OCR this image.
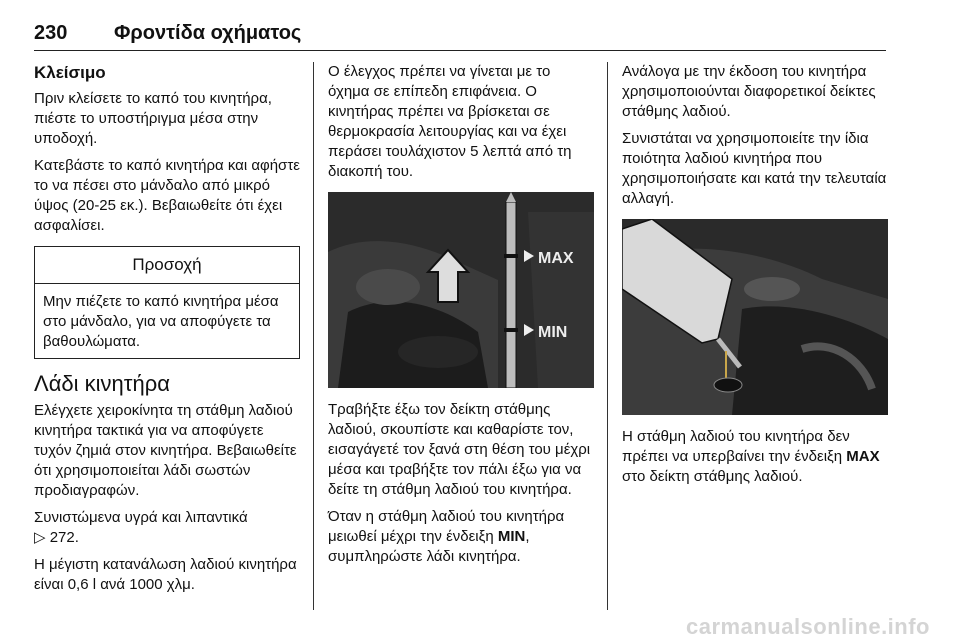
230 Φροντίδα οχήματος
Κλείσιμο

Πριν κλείσετε το καπό του κινητήρα, πιέστε το υποστήριγμα μέσα στην υποδοχή.

Κατεβάστε το καπό κινητήρα και αφήστε το να πέσει στο μάνδαλο από μικρό ύψος (20-25 εκ.). Βεβαιωθείτε ότι έχει ασφαλίσει.

Προσοχή
Μην πιέζετε το καπό κινητήρα μέσα στο μάνδαλο, για να αποφύγετε τα βαθουλώματα.
Λάδι κινητήρα

Ελέγχετε χειροκίνητα τη στάθμη λαδιού κινητήρα τακτικά για να αποφύγετε τυχόν ζημιά στον κινητήρα. Βεβαιωθείτε ότι χρησιμοποιείται λάδι σωστών προδιαγραφών.

Συνιστώμενα υγρά και λιπαντικά
▷ 272.

Η μέγιστη κατανάλωση λαδιού κινητήρα είναι 0,6 l ανά 1000 χλμ.

Ο έλεγχος πρέπει να γίνεται με το όχημα σε επίπεδη επιφάνεια. Ο κινητήρας πρέπει να βρίσκεται σε θερμοκρασία λειτουργίας και να έχει περάσει τουλάχιστον 5 λεπτά από τη διακοπή του.

MAX
MIN

Τραβήξτε έξω τον δείκτη στάθμης λαδιού, σκουπίστε και καθαρίστε τον, εισαγάγετέ τον ξανά στη θέση του μέχρι μέσα και τραβήξτε τον πάλι έξω για να δείτε τη στάθμη λαδιού του κινητήρα.

Όταν η στάθμη λαδιού του κινητήρα μειωθεί μέχρι την ένδειξη MIN, συμπληρώστε λάδι κινητήρα.

Ανάλογα με την έκδοση του κινητήρα χρησιμοποιούνται διαφορετικοί δείκτες στάθμης λαδιού.

Συνιστάται να χρησιμοποιείτε την ίδια ποιότητα λαδιού κινητήρα που χρησιμοποιήσατε και κατά την τελευταία αλλαγή.

Η στάθμη λαδιού του κινητήρα δεν πρέπει να υπερβαίνει την ένδειξη MAX στο δείκτη στάθμης λαδιού.

carmanualsonline.info
